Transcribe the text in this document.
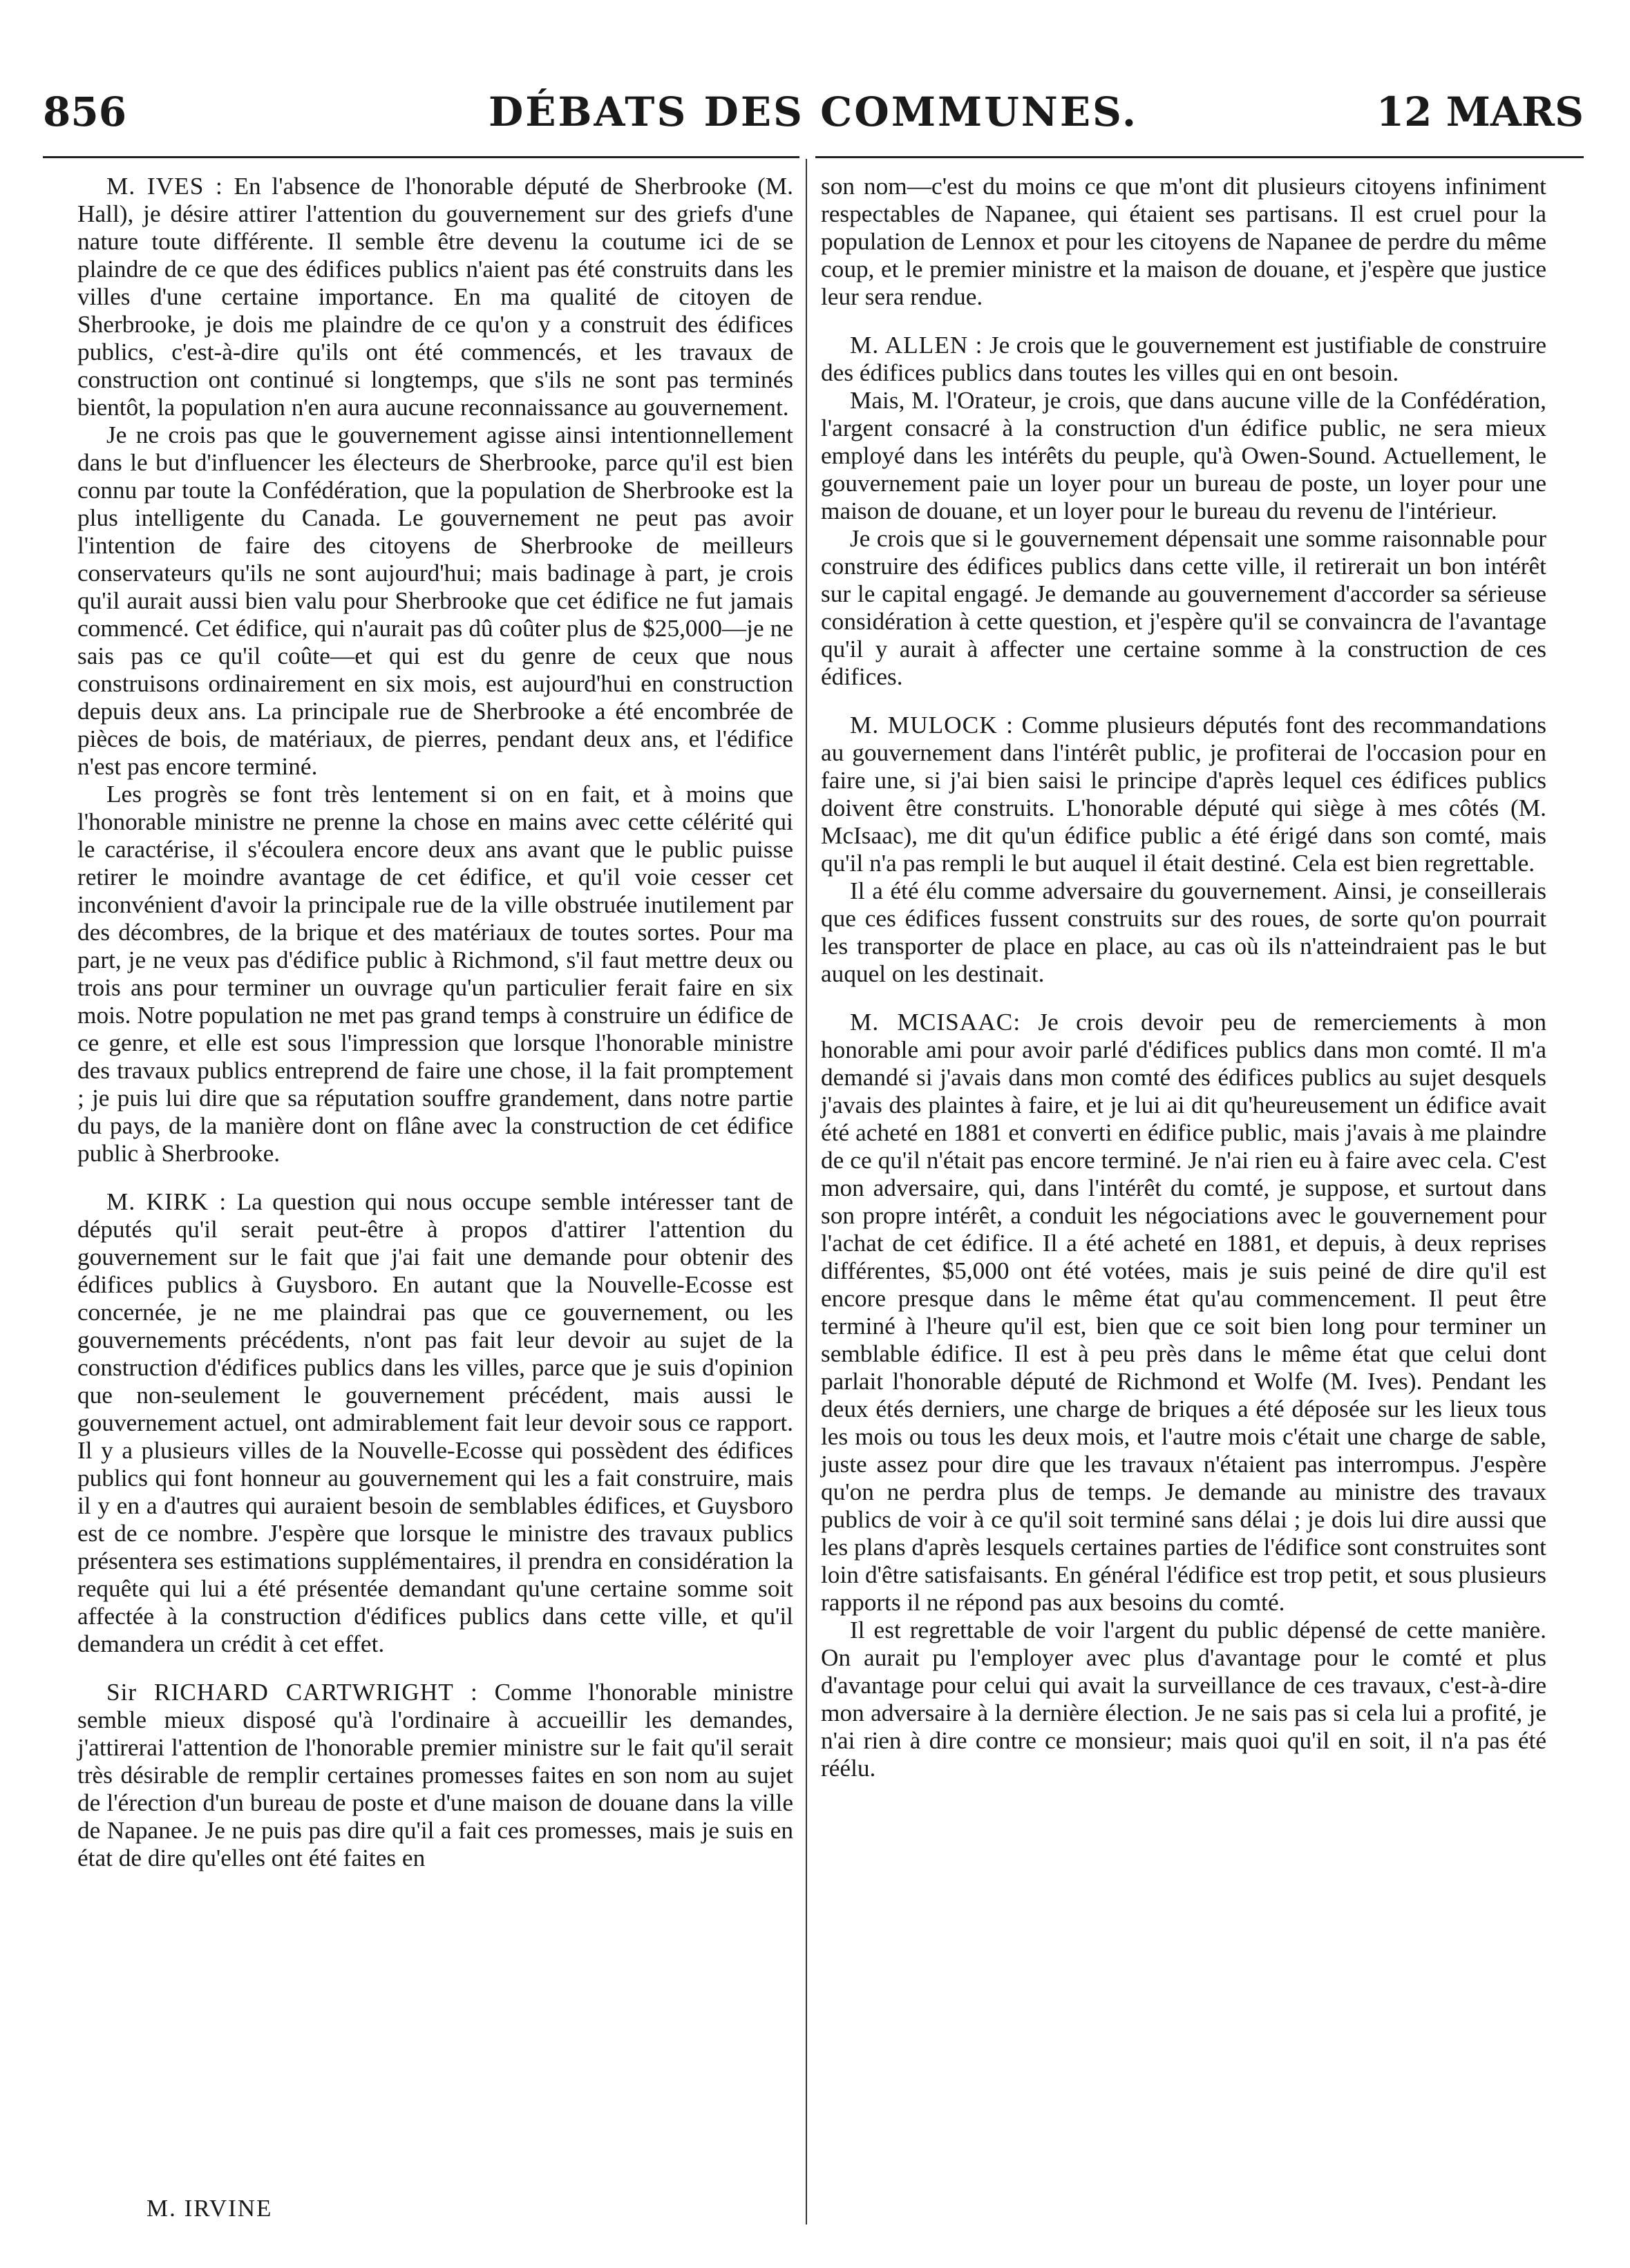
856	DÉBATS DES COMMUNES.	12 MARS

M. IVES : En l'absence de l'honorable député de Sherbrooke (M. Hall), je désire attirer l'attention du gouvernement sur des griefs d'une nature toute différente. Il semble être devenu la coutume ici de se plaindre de ce que des édifices publics n'aient pas été construits dans les villes d'une certaine importance. En ma qualité de citoyen de Sherbrooke, je dois me plaindre de ce qu'on y a construit des édifices publics, c'est-à-dire qu'ils ont été commencés, et les travaux de construction ont continué si longtemps, que s'ils ne sont pas terminés bientôt, la population n'en aura aucune reconnaissance au gouvernement.

Je ne crois pas que le gouvernement agisse ainsi intentionnellement dans le but d'influencer les électeurs de Sherbrooke, parce qu'il est bien connu par toute la Confédération, que la population de Sherbrooke est la plus intelligente du Canada. Le gouvernement ne peut pas avoir l'intention de faire des citoyens de Sherbrooke de meilleurs conservateurs qu'ils ne sont aujourd'hui; mais badinage à part, je crois qu'il aurait aussi bien valu pour Sherbrooke que cet édifice ne fut jamais commencé. Cet édifice, qui n'aurait pas dû coûter plus de $25,000—je ne sais pas ce qu'il coûte—et qui est du genre de ceux que nous construisons ordinairement en six mois, est aujourd'hui en construction depuis deux ans. La principale rue de Sherbrooke a été encombrée de pièces de bois, de matériaux, de pierres, pendant deux ans, et l'édifice n'est pas encore terminé.

Les progrès se font très lentement si on en fait, et à moins que l'honorable ministre ne prenne la chose en mains avec cette célérité qui le caractérise, il s'écoulera encore deux ans avant que le public puisse retirer le moindre avantage de cet édifice, et qu'il voie cesser cet inconvénient d'avoir la principale rue de la ville obstruée inutilement par des décombres, de la brique et des matériaux de toutes sortes. Pour ma part, je ne veux pas d'édifice public à Richmond, s'il faut mettre deux ou trois ans pour terminer un ouvrage qu'un particulier ferait faire en six mois. Notre population ne met pas grand temps à construire un édifice de ce genre, et elle est sous l'impression que lorsque l'honorable ministre des travaux publics entreprend de faire une chose, il la fait promptement ; je puis lui dire que sa réputation souffre grandement, dans notre partie du pays, de la manière dont on flâne avec la construction de cet édifice public à Sherbrooke.

M. KIRK : La question qui nous occupe semble intéresser tant de députés qu'il serait peut-être à propos d'attirer l'attention du gouvernement sur le fait que j'ai fait une demande pour obtenir des édifices publics à Guysboro. En autant que la Nouvelle-Ecosse est concernée, je ne me plaindrai pas que ce gouvernement, ou les gouvernements précédents, n'ont pas fait leur devoir au sujet de la construction d'édifices publics dans les villes, parce que je suis d'opinion que non-seulement le gouvernement précédent, mais aussi le gouvernement actuel, ont admirablement fait leur devoir sous ce rapport. Il y a plusieurs villes de la Nouvelle-Ecosse qui possèdent des édifices publics qui font honneur au gouvernement qui les a fait construire, mais il y en a d'autres qui auraient besoin de semblables édifices, et Guysboro est de ce nombre. J'espère que lorsque le ministre des travaux publics présentera ses estimations supplémentaires, il prendra en considération la requête qui lui a été présentée demandant qu'une certaine somme soit affectée à la construction d'édifices publics dans cette ville, et qu'il demandera un crédit à cet effet.

Sir RICHARD CARTWRIGHT : Comme l'honorable ministre semble mieux disposé qu'à l'ordinaire à accueillir les demandes, j'attirerai l'attention de l'honorable premier ministre sur le fait qu'il serait très désirable de remplir certaines promesses faites en son nom au sujet de l'érection d'un bureau de poste et d'une maison de douane dans la ville de Napanee. Je ne puis pas dire qu'il a fait ces promesses, mais je suis en état de dire qu'elles ont été faites en

son nom—c'est du moins ce que m'ont dit plusieurs citoyens infiniment respectables de Napanee, qui étaient ses partisans. Il est cruel pour la population de Lennox et pour les citoyens de Napanee de perdre du même coup, et le premier ministre et la maison de douane, et j'espère que justice leur sera rendue.

M. ALLEN : Je crois que le gouvernement est justifiable de construire des édifices publics dans toutes les villes qui en ont besoin.

Mais, M. l'Orateur, je crois, que dans aucune ville de la Confédération, l'argent consacré à la construction d'un édifice public, ne sera mieux employé dans les intérêts du peuple, qu'à Owen-Sound. Actuellement, le gouvernement paie un loyer pour un bureau de poste, un loyer pour une maison de douane, et un loyer pour le bureau du revenu de l'intérieur.

Je crois que si le gouvernement dépensait une somme raisonnable pour construire des édifices publics dans cette ville, il retirerait un bon intérêt sur le capital engagé. Je demande au gouvernement d'accorder sa sérieuse considération à cette question, et j'espère qu'il se convaincra de l'avantage qu'il y aurait à affecter une certaine somme à la construction de ces édifices.

M. MULOCK : Comme plusieurs députés font des recommandations au gouvernement dans l'intérêt public, je profiterai de l'occasion pour en faire une, si j'ai bien saisi le principe d'après lequel ces édifices publics doivent être construits. L'honorable député qui siège à mes côtés (M. McIsaac), me dit qu'un édifice public a été érigé dans son comté, mais qu'il n'a pas rempli le but auquel il était destiné. Cela est bien regrettable.

Il a été élu comme adversaire du gouvernement. Ainsi, je conseillerais que ces édifices fussent construits sur des roues, de sorte qu'on pourrait les transporter de place en place, au cas où ils n'atteindraient pas le but auquel on les destinait.

M. MCISAAC: Je crois devoir peu de remerciements à mon honorable ami pour avoir parlé d'édifices publics dans mon comté. Il m'a demandé si j'avais dans mon comté des édifices publics au sujet desquels j'avais des plaintes à faire, et je lui ai dit qu'heureusement un édifice avait été acheté en 1881 et converti en édifice public, mais j'avais à me plaindre de ce qu'il n'était pas encore terminé. Je n'ai rien eu à faire avec cela. C'est mon adversaire, qui, dans l'intérêt du comté, je suppose, et surtout dans son propre intérêt, a conduit les négociations avec le gouvernement pour l'achat de cet édifice. Il a été acheté en 1881, et depuis, à deux reprises différentes, $5,000 ont été votées, mais je suis peiné de dire qu'il est encore presque dans le même état qu'au commencement. Il peut être terminé à l'heure qu'il est, bien que ce soit bien long pour terminer un semblable édifice. Il est à peu près dans le même état que celui dont parlait l'honorable député de Richmond et Wolfe (M. Ives). Pendant les deux étés derniers, une charge de briques a été déposée sur les lieux tous les mois ou tous les deux mois, et l'autre mois c'était une charge de sable, juste assez pour dire que les travaux n'étaient pas interrompus. J'espère qu'on ne perdra plus de temps. Je demande au ministre des travaux publics de voir à ce qu'il soit terminé sans délai ; je dois lui dire aussi que les plans d'après lesquels certaines parties de l'édifice sont construites sont loin d'être satisfaisants. En général l'édifice est trop petit, et sous plusieurs rapports il ne répond pas aux besoins du comté.

Il est regrettable de voir l'argent du public dépensé de cette manière. On aurait pu l'employer avec plus d'avantage pour le comté et plus d'avantage pour celui qui avait la surveillance de ces travaux, c'est-à-dire mon adversaire à la dernière élection. Je ne sais pas si cela lui a profité, je n'ai rien à dire contre ce monsieur; mais quoi qu'il en soit, il n'a pas été réélu.

M. IRVINE
